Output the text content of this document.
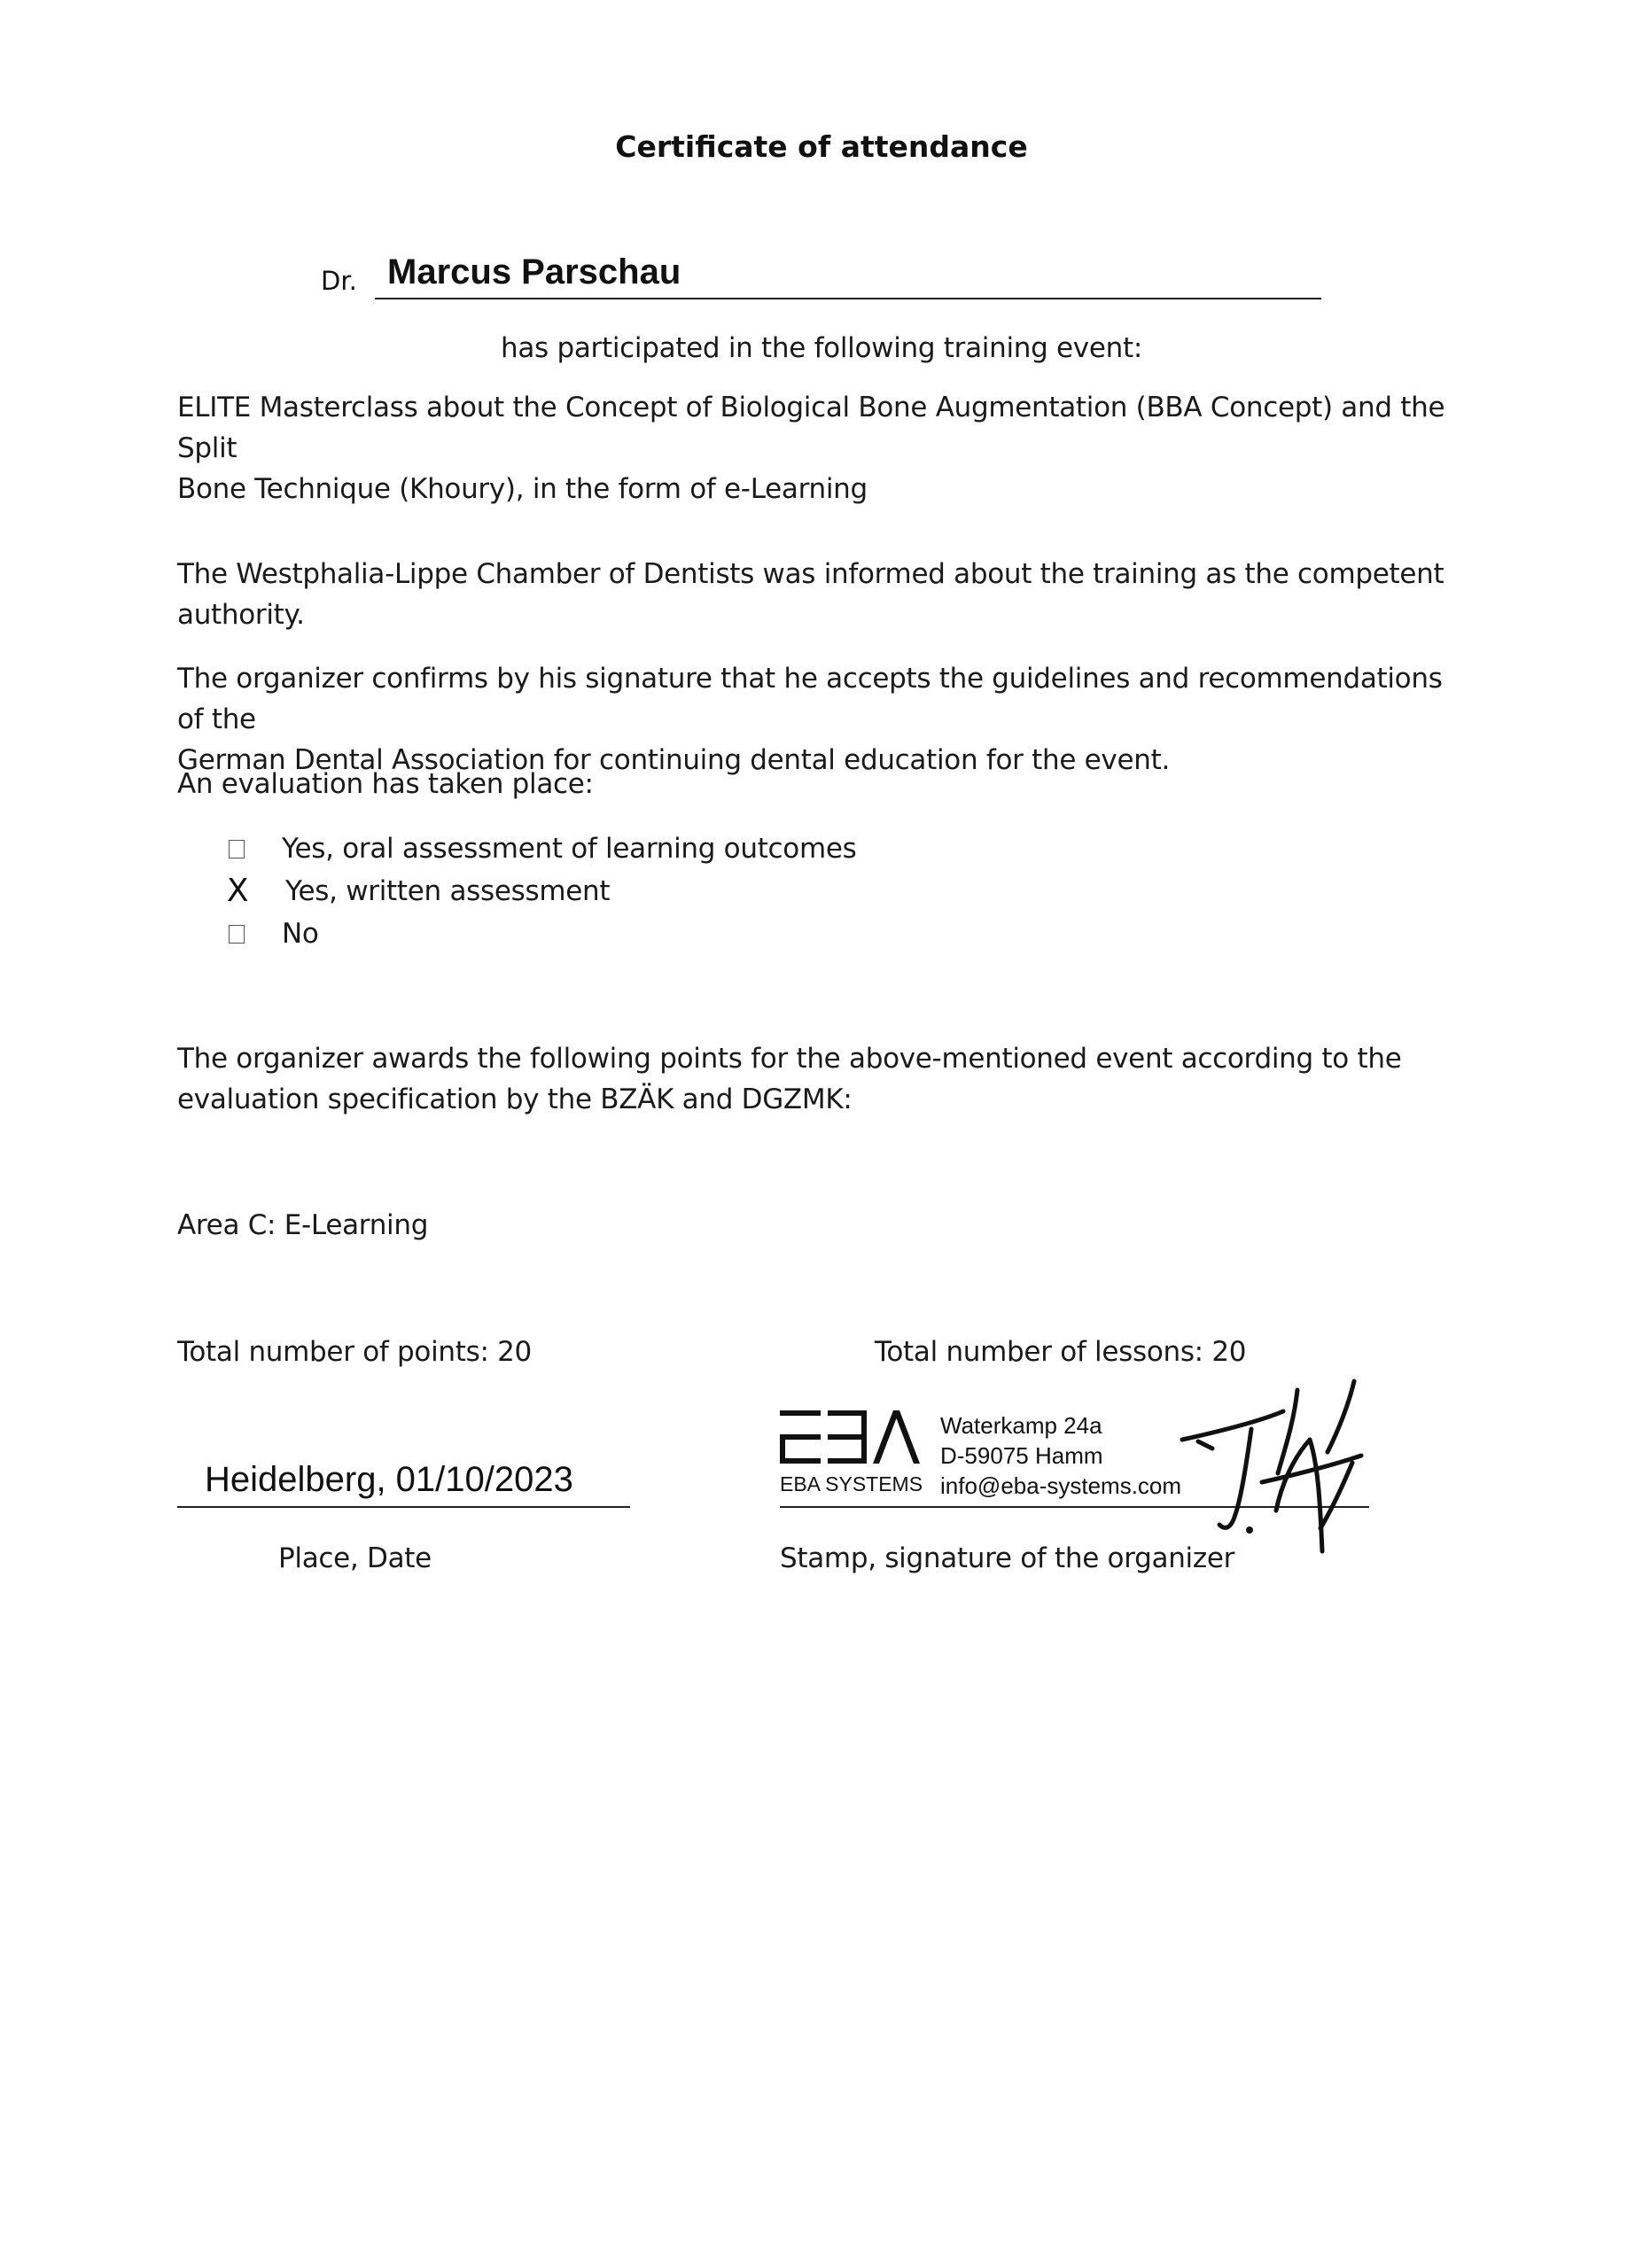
Certificate of attendance
Dr. Marcus Parschau
has participated in the following training event:
ELITE Masterclass about the Concept of Biological Bone Augmentation (BBA Concept) and the Split
Bone Technique (Khoury), in the form of e-Learning
The Westphalia-Lippe Chamber of Dentists was informed about the training as the competent
authority.
The organizer confirms by his signature that he accepts the guidelines and recommendations of the
German Dental Association for continuing dental education for the event.
An evaluation has taken place:
Yes, oral assessment of learning outcomes
X Yes, written assessment
No
The organizer awards the following points for the above-mentioned event according to the
evaluation specification by the BZÄK and DGZMK:
Area C: E-Learning
Total number of points: 20	Total number of lessons: 20
Heidelberg, 01/10/2023
Place, Date
EBA SYSTEMS
Waterkamp 24a
D-59075 Hamm
info@eba-systems.com
Stamp, signature of the organizer
